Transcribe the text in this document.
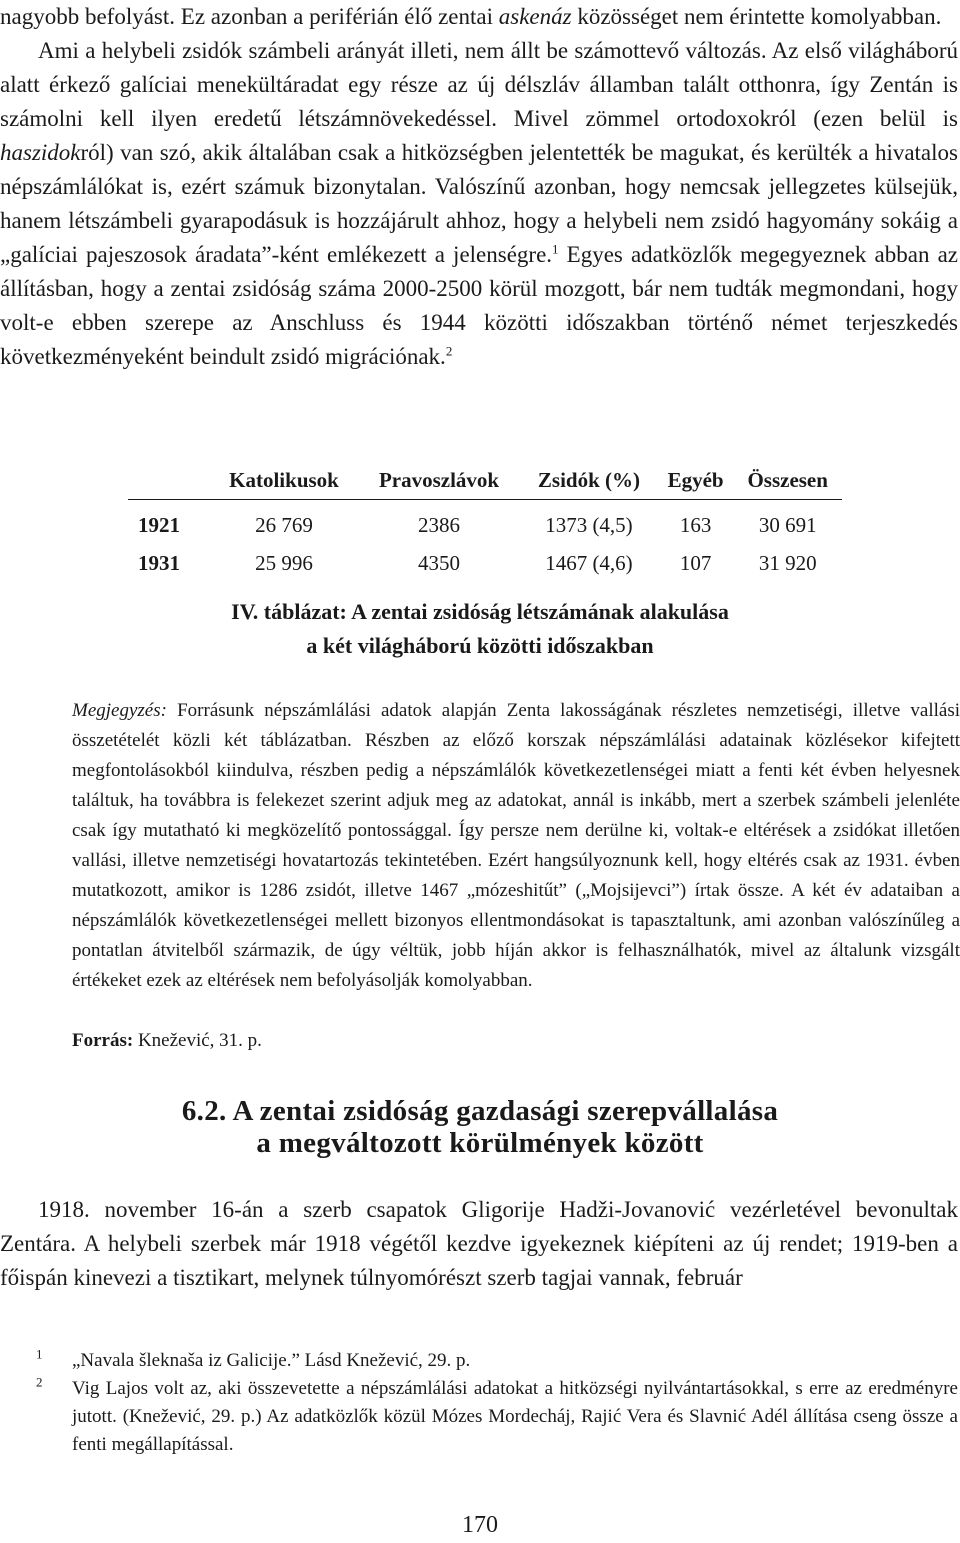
nagyobb befolyást. Ez azonban a periférián élő zentai askenáz közösséget nem érintette komolyabban.

Ami a helybeli zsidók számbeli arányát illeti, nem állt be számottevő változás. Az első világháború alatt érkező galíciai menekültáradat egy része az új délszláv államban talált otthonra, így Zentán is számolni kell ilyen eredetű létszámnövekedéssel. Mivel zömmel ortodoxokról (ezen belül is haszidokról) van szó, akik általában csak a hitközségben jelentették be magukat, és kerülték a hivatalos népszámlálókat is, ezért számuk bizonytalan. Valószínű azonban, hogy nemcsak jellegzetes külsejük, hanem létszámbeli gyarapodásuk is hozzájárult ahhoz, hogy a helybeli nem zsidó hagyomány sokáig a „galíciai pajeszosok áradata”-ként emlékezett a jelenségre.$^1$ Egyes adatközlők megegyeznek abban az állításban, hogy a zentai zsidóság száma 2000-2500 körül mozgott, bár nem tudták megmondani, hogy volt-e ebben szerepe az Anschluss és 1944 közötti időszakban történő német terjeszkedés következményeként beindult zsidó migrációnak.$^2$

	Katolikusok	Pravoszlávok	Zsidók (%)	Egyéb	Összesen
1921	26 769	2386	1373 (4,5)	163	30 691
1931	25 996	4350	1467 (4,6)	107	31 920
IV. táblázat: A zentai zsidóság létszámának alakulása
a két világháború közötti időszakban

Megjegyzés: Forrásunk népszámlálási adatok alapján Zenta lakosságának részletes nemzetiségi, illetve vallási összetételét közli két táblázatban. Részben az előző korszak népszámlálási adatainak közlésekor kifejtett megfontolásokból kiindulva, részben pedig a népszámlálók következetlenségei miatt a fenti két évben helyesnek találtuk, ha továbbra is felekezet szerint adjuk meg az adatokat, annál is inkább, mert a szerbek számbeli jelenléte csak így mutatható ki megközelítő pontossággal. Így persze nem derülne ki, voltak-e eltérések a zsidókat illetően vallási, illetve nemzetiségi hovatartozás tekintetében. Ezért hangsúlyoznunk kell, hogy eltérés csak az 1931. évben mutatkozott, amikor is 1286 zsidót, illetve 1467 „mózeshitűt” („Mojsijevci”) írtak össze. A két év adataiban a népszámlálók következetlenségei mellett bizonyos ellentmondásokat is tapasztaltunk, ami azonban valószínűleg a pontatlan átvitelből származik, de úgy véltük, jobb híján akkor is felhasználhatók, mivel az általunk vizsgált értékeket ezek az eltérések nem befolyásolják komolyabban.

Forrás: Knežević, 31. p.
6.2. A zentai zsidóság gazdasági szerepvállalása
a megváltozott körülmények között

1918. november 16-án a szerb csapatok Gligorije Hadži-Jovanović vezérletével bevonultak Zentára. A helybeli szerbek már 1918 végétől kezdve igyekeznek kiépíteni az új rendet; 1919-ben a főispán kinevezi a tisztikart, melynek túlnyomórészt szerb tagjai vannak, február

$^1$	„Navala šleknaša iz Galicije.” Lásd Knežević, 29. p.
$^2$	Vig Lajos volt az, aki összevetette a népszámlálási adatokat a hitközségi nyilvántartásokkal, s erre az eredményre jutott. (Knežević, 29. p.) Az adatközlők közül Mózes Mordecháj, Rajić Vera és Slavnić Adél állítása cseng össze a fenti megállapítással.
170
